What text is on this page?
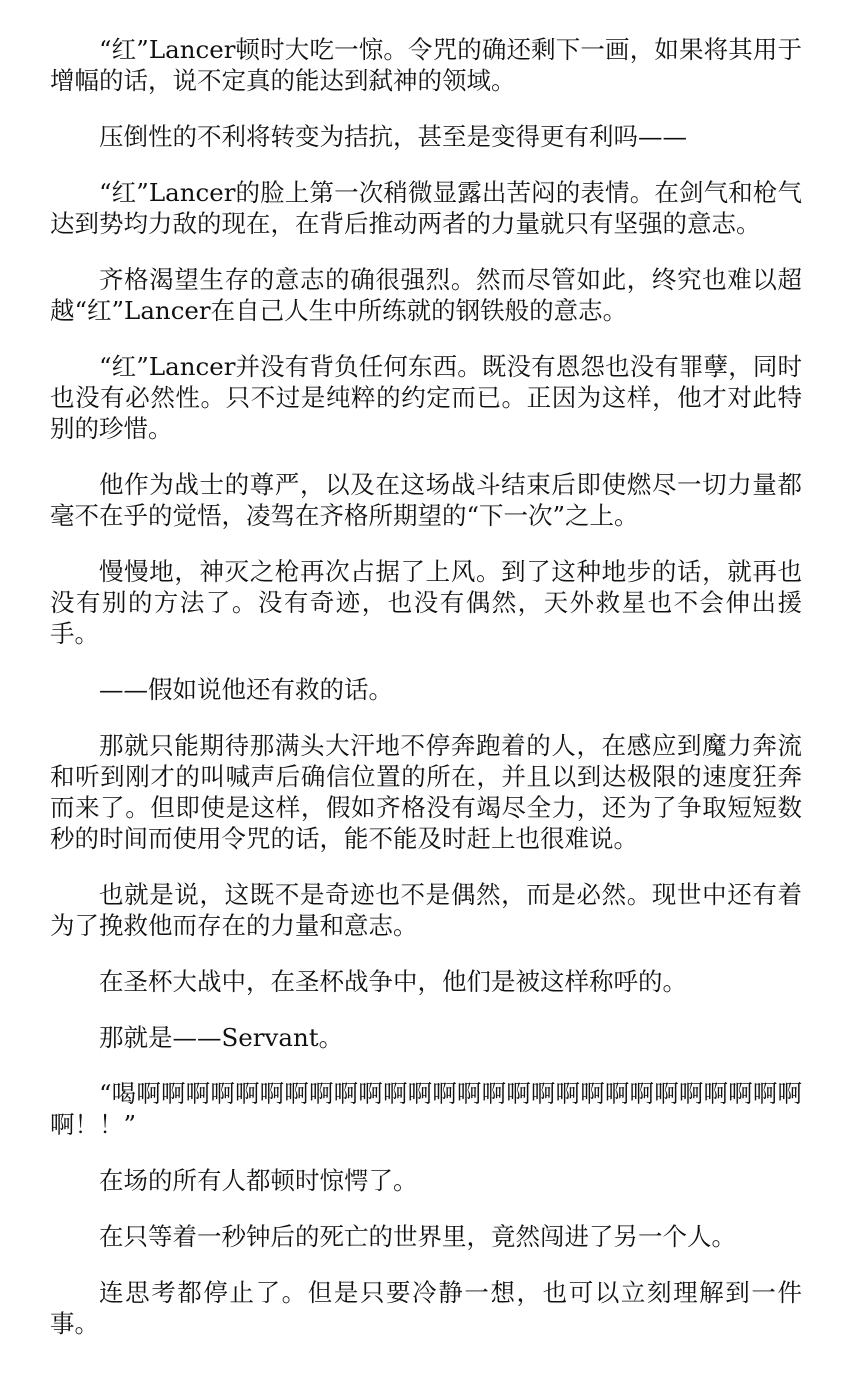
“红”Lancer顿时大吃一惊。令咒的确还剩下一画，如果将其用于增幅的话，说不定真的能达到弑神的领域。

压倒性的不利将转变为拮抗，甚至是变得更有利吗——

“红”Lancer的脸上第一次稍微显露出苦闷的表情。在剑气和枪气达到势均力敌的现在，在背后推动两者的力量就只有坚强的意志。

齐格渴望生存的意志的确很强烈。然而尽管如此，终究也难以超越“红”Lancer在自己人生中所练就的钢铁般的意志。

“红”Lancer并没有背负任何东西。既没有恩怨也没有罪孽，同时也没有必然性。只不过是纯粹的约定而已。正因为这样，他才对此特别的珍惜。

他作为战士的尊严，以及在这场战斗结束后即使燃尽一切力量都毫不在乎的觉悟，凌驾在齐格所期望的“下一次”之上。

慢慢地，神灭之枪再次占据了上风。到了这种地步的话，就再也没有别的方法了。没有奇迹，也没有偶然，天外救星也不会伸出援手。

——假如说他还有救的话。

那就只能期待那满头大汗地不停奔跑着的人，在感应到魔力奔流和听到刚才的叫喊声后确信位置的所在，并且以到达极限的速度狂奔而来了。但即使是这样，假如齐格没有竭尽全力，还为了争取短短数秒的时间而使用令咒的话，能不能及时赶上也很难说。

也就是说，这既不是奇迹也不是偶然，而是必然。现世中还有着为了挽救他而存在的力量和意志。

在圣杯大战中，在圣杯战争中，他们是被这样称呼的。

那就是——Servant。

“喝啊啊啊啊啊啊啊啊啊啊啊啊啊啊啊啊啊啊啊啊啊啊啊啊啊啊啊啊！！”

在场的所有人都顿时惊愕了。

在只等着一秒钟后的死亡的世界里，竟然闯进了另一个人。

连思考都停止了。但是只要冷静一想，也可以立刻理解到一件事。
